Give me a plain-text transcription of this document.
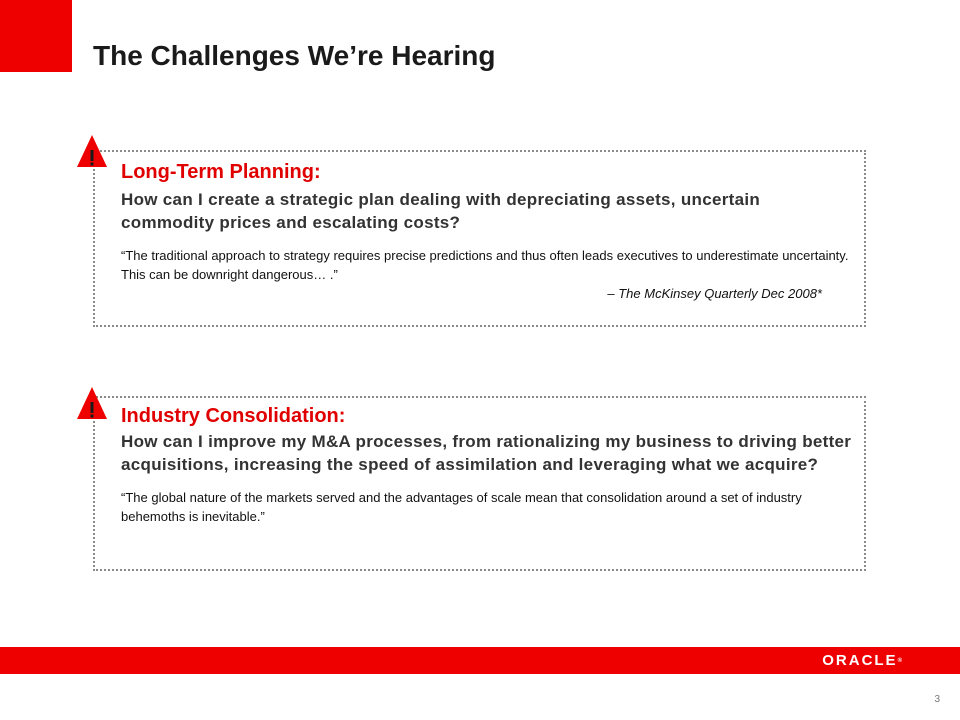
The Challenges We’re Hearing

Long-Term Planning:

How can I create a strategic plan dealing with depreciating assets, uncertain commodity prices and escalating costs?

“The traditional approach to strategy requires precise predictions and thus often leads executives to underestimate uncertainty. This can be downright dangerous… .”

– The McKinsey Quarterly Dec 2008*

Industry Consolidation:

How can I improve my M&A processes, from rationalizing my business to driving better acquisitions, increasing the speed of assimilation and leveraging what we acquire?

“The global nature of the markets served and the advantages of scale mean that consolidation around a set of industry behemoths is inevitable.”

ORACLE®
3
